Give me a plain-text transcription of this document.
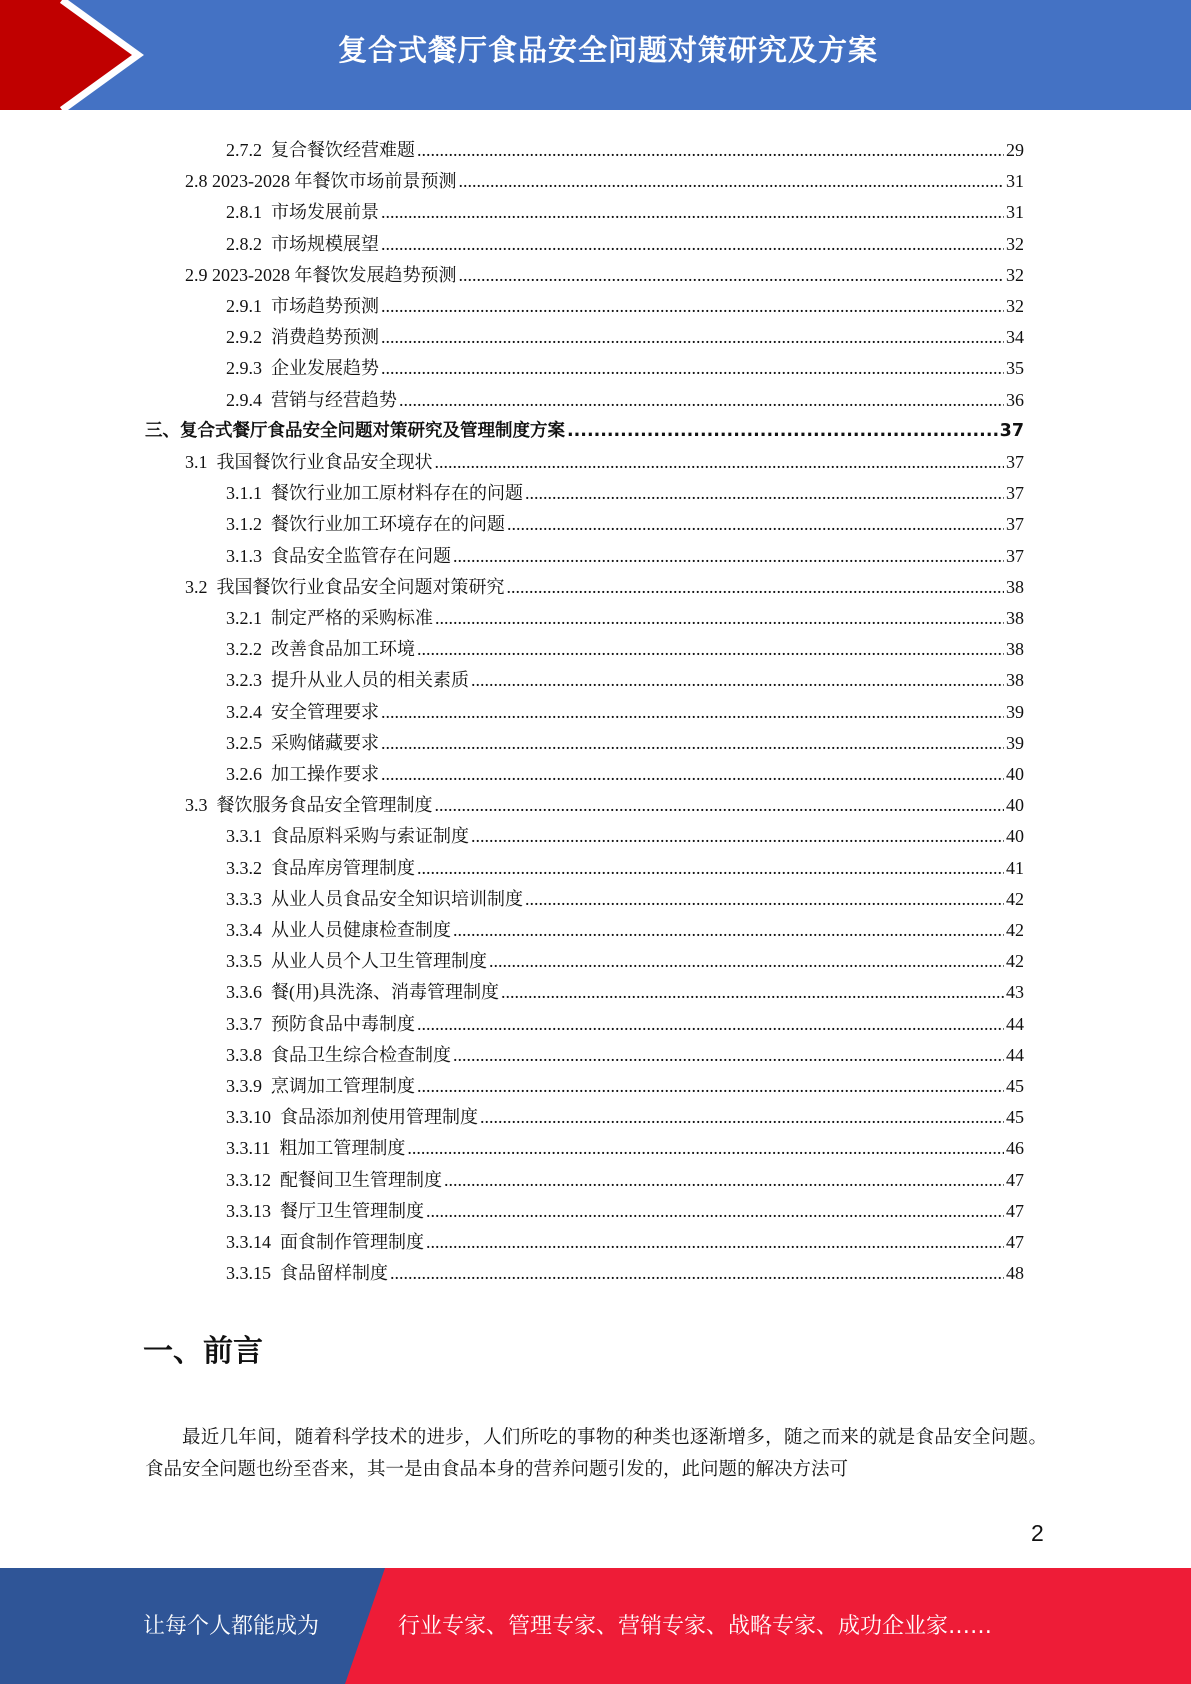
复合式餐厅食品安全问题对策研究及方案
2.7.2  复合餐饮经营难题 .....	29
2.8 2023-2028 年餐饮市场前景预测 .....	31
2.8.1  市场发展前景 .....	31
2.8.2  市场规模展望 .....	32
2.9 2023-2028 年餐饮发展趋势预测 .....	32
2.9.1  市场趋势预测 .....	32
2.9.2  消费趋势预测 .....	34
2.9.3  企业发展趋势 .....	35
2.9.4  营销与经营趋势 .....	36
三、复合式餐厅食品安全问题对策研究及管理制度方案 .....	37
3.1  我国餐饮行业食品安全现状 .....	37
3.1.1  餐饮行业加工原材料存在的问题 .....	37
3.1.2  餐饮行业加工环境存在的问题 .....	37
3.1.3  食品安全监管存在问题 .....	37
3.2  我国餐饮行业食品安全问题对策研究 .....	38
3.2.1  制定严格的采购标准 .....	38
3.2.2  改善食品加工环境 .....	38
3.2.3  提升从业人员的相关素质 .....	38
3.2.4  安全管理要求 .....	39
3.2.5  采购储藏要求 .....	39
3.2.6  加工操作要求 .....	40
3.3  餐饮服务食品安全管理制度 .....	40
3.3.1  食品原料采购与索证制度 .....	40
3.3.2  食品库房管理制度 .....	41
3.3.3  从业人员食品安全知识培训制度 .....	42
3.3.4  从业人员健康检查制度 .....	42
3.3.5  从业人员个人卫生管理制度 .....	42
3.3.6  餐(用)具洗涤、消毒管理制度 .....	43
3.3.7  预防食品中毒制度 .....	44
3.3.8  食品卫生综合检查制度 .....	44
3.3.9  烹调加工管理制度 .....	45
3.3.10  食品添加剂使用管理制度 .....	45
3.3.11  粗加工管理制度 .....	46
3.3.12  配餐间卫生管理制度 .....	47
3.3.13  餐厅卫生管理制度 .....	47
3.3.14  面食制作管理制度 .....	47
3.3.15  食品留样制度 .....	48
一、前言
最近几年间，随着科学技术的进步，人们所吃的事物的种类也逐渐增多，随之而来的就是食品安全问题。食品安全问题也纷至沓来，其一是由食品本身的营养问题引发的，此问题的解决方法可
2
让每个人都能成为	行业专家、管理专家、营销专家、战略专家、成功企业家……
